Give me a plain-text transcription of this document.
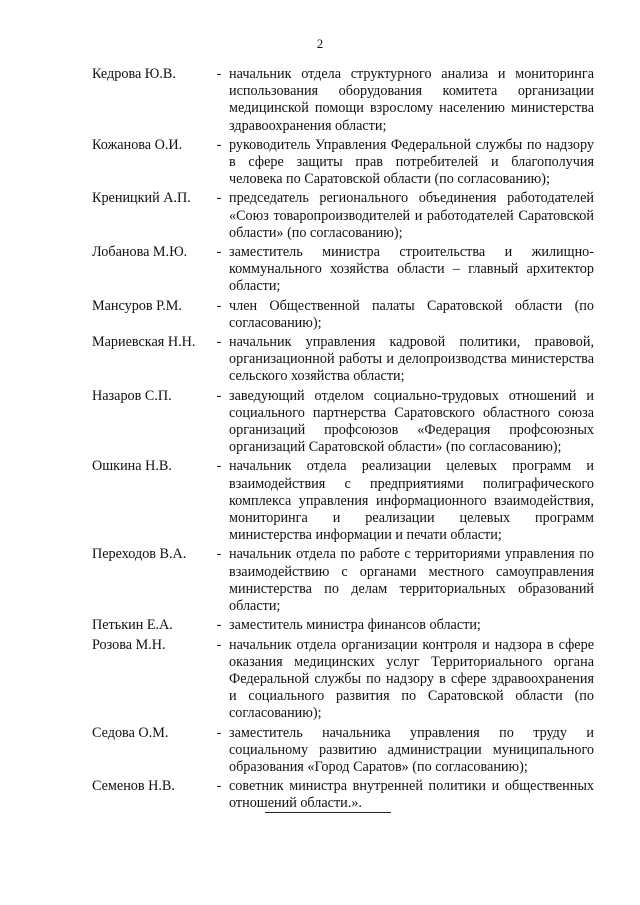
2
Кедрова Ю.В.	- начальник отдела структурного анализа и мониторинга использования оборудования комитета организации медицинской помощи взрослому населению министерства здравоохранения области;
Кожанова О.И.	- руководитель Управления Федеральной службы по надзору в сфере защиты прав потребителей и благополучия человека по Саратовской области (по согласованию);
Креницкий А.П.	- председатель регионального объединения работодателей «Союз товаропроизводителей и работодателей Саратовской области» (по согласованию);
Лобанова М.Ю.	- заместитель министра строительства и жилищно-коммунального хозяйства области – главный архитектор области;
Мансуров Р.М.	- член Общественной палаты Саратовской области (по согласованию);
Мариевская Н.Н.	- начальник управления кадровой политики, правовой, организационной работы и делопроизводства министерства сельского хозяйства области;
Назаров С.П.	- заведующий отделом социально-трудовых отношений и социального партнерства Саратовского областного союза организаций профсоюзов «Федерация профсоюзных организаций Саратовской области» (по согласованию);
Ошкина Н.В.	- начальник отдела реализации целевых программ и взаимодействия с предприятиями полиграфического комплекса управления информационного взаимодействия, мониторинга и реализации целевых программ министерства информации и печати области;
Переходов В.А.	- начальник отдела по работе с территориями управления по взаимодействию с органами местного самоуправления министерства по делам территориальных образований области;
Петькин Е.А.	- заместитель министра финансов области;
Розова М.Н.	- начальник отдела организации контроля и надзора в сфере оказания медицинских услуг Территориального органа Федеральной службы по надзору в сфере здравоохранения и социального развития по Саратовской области (по согласованию);
Седова О.М.	- заместитель начальника управления по труду и социальному развитию администрации муниципального образования «Город Саратов» (по согласованию);
Семенов Н.В.	- советник министра внутренней политики и общественных отношений области.».
